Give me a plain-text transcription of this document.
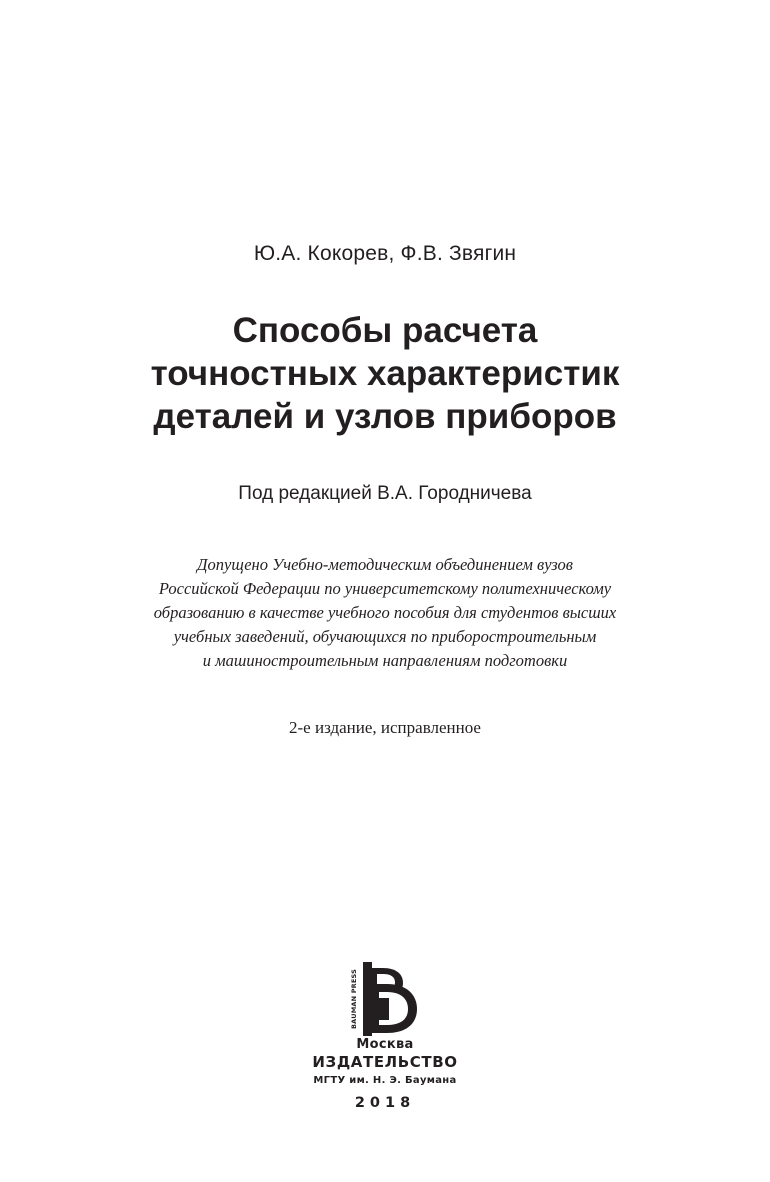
Ю.А. Кокорев, Ф.В. Звягин
Способы расчета
точностных характеристик
деталей и узлов приборов
Под редакцией В.А. Городничева
Допущено Учебно-методическим объединением вузов
Российской Федерации по университетскому политехническому
образованию в качестве учебного пособия для студентов высших
учебных заведений, обучающихся по приборостроительным
и машиностроительным направлениям подготовки
2-е издание, исправленное
BAUMAN PRESS
Москва
ИЗДАТЕЛЬСТВО
МГТУ им. Н. Э. Баумана
2018
